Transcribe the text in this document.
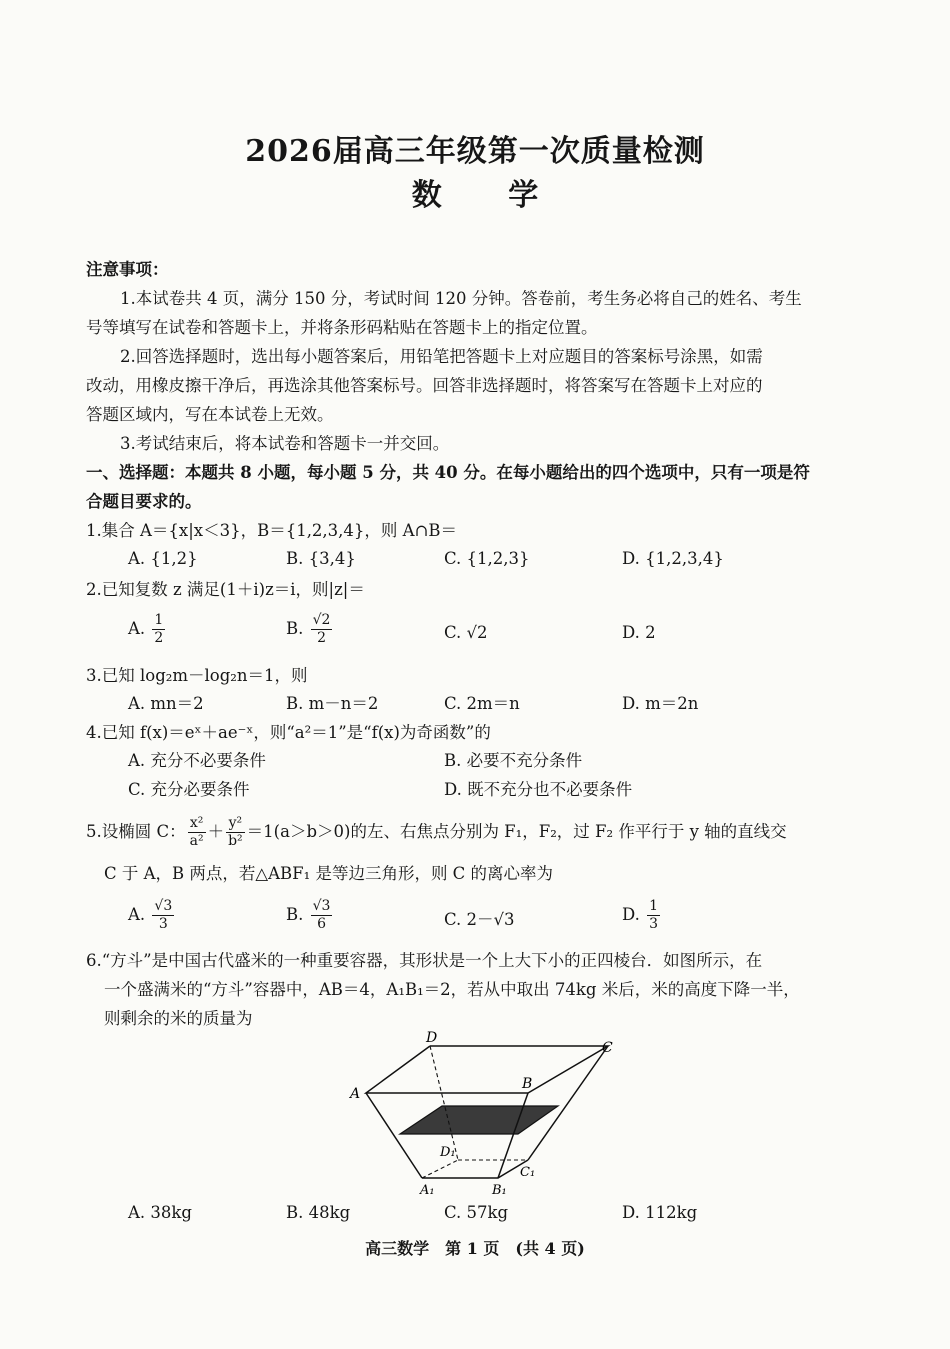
2026届高三年级第一次质量检测
数 学
注意事项：
1.本试卷共 4 页，满分 150 分，考试时间 120 分钟。答卷前，考生务必将自己的姓名、考生
号等填写在试卷和答题卡上，并将条形码粘贴在答题卡上的指定位置。
2.回答选择题时，选出每小题答案后，用铅笔把答题卡上对应题目的答案标号涂黑，如需
改动，用橡皮擦干净后，再选涂其他答案标号。回答非选择题时，将答案写在答题卡上对应的
答题区域内，写在本试卷上无效。
3.考试结束后，将本试卷和答题卡一并交回。
一、选择题：本题共 8 小题，每小题 5 分，共 40 分。在每小题给出的四个选项中，只有一项是符
合题目要求的。
1.集合 A＝{x|x＜3}，B＝{1,2,3,4}，则 A∩B＝
A. {1,2}	B. {3,4}	C. {1,2,3}	D. {1,2,3,4}
2.已知复数 z 满足(1＋i)z＝i，则|z|＝
A. $\frac{1}{2}$	B. $\frac{√2}{2}$	C. √2	D. 2
3.已知 log₂m－log₂n＝1，则
A. mn＝2	B. m－n＝2	C. 2m＝n	D. m＝2n
4.已知 f(x)＝eˣ＋ae⁻ˣ，则“a²＝1”是“f(x)为奇函数”的
A. 充分不必要条件	B. 必要不充分条件
C. 充分必要条件	D. 既不充分也不必要条件
5.设椭圆 C： $\frac{\text{x²}}{\text{a²}} + \frac{\text{y²}}{\text{b²}} =1(a>b>0)$的左、右焦点分别为 F₁，F₂，过 F₂ 作平行于 y 轴的直线交
C 于 A，B 两点，若△ABF₁ 是等边三角形，则 C 的离心率为
A. $\frac{√3}{3}$	B. $\frac{√3}{6}$	C. 2－√3	D. $\frac{1}{3}$
6.“方斗”是中国古代盛米的一种重要容器，其形状是一个上大下小的正四棱台．如图所示，在
一个盛满米的“方斗”容器中，AB＝4，A₁B₁＝2，若从中取出 74kg 米后，米的高度下降一半，
则剩余的米的质量为
D
C
A
B
D₁
C₁
A₁	B₁
A. 38kg	B. 48kg	C. 57kg	D. 112kg
高三数学　第 1 页　(共 4 页)
